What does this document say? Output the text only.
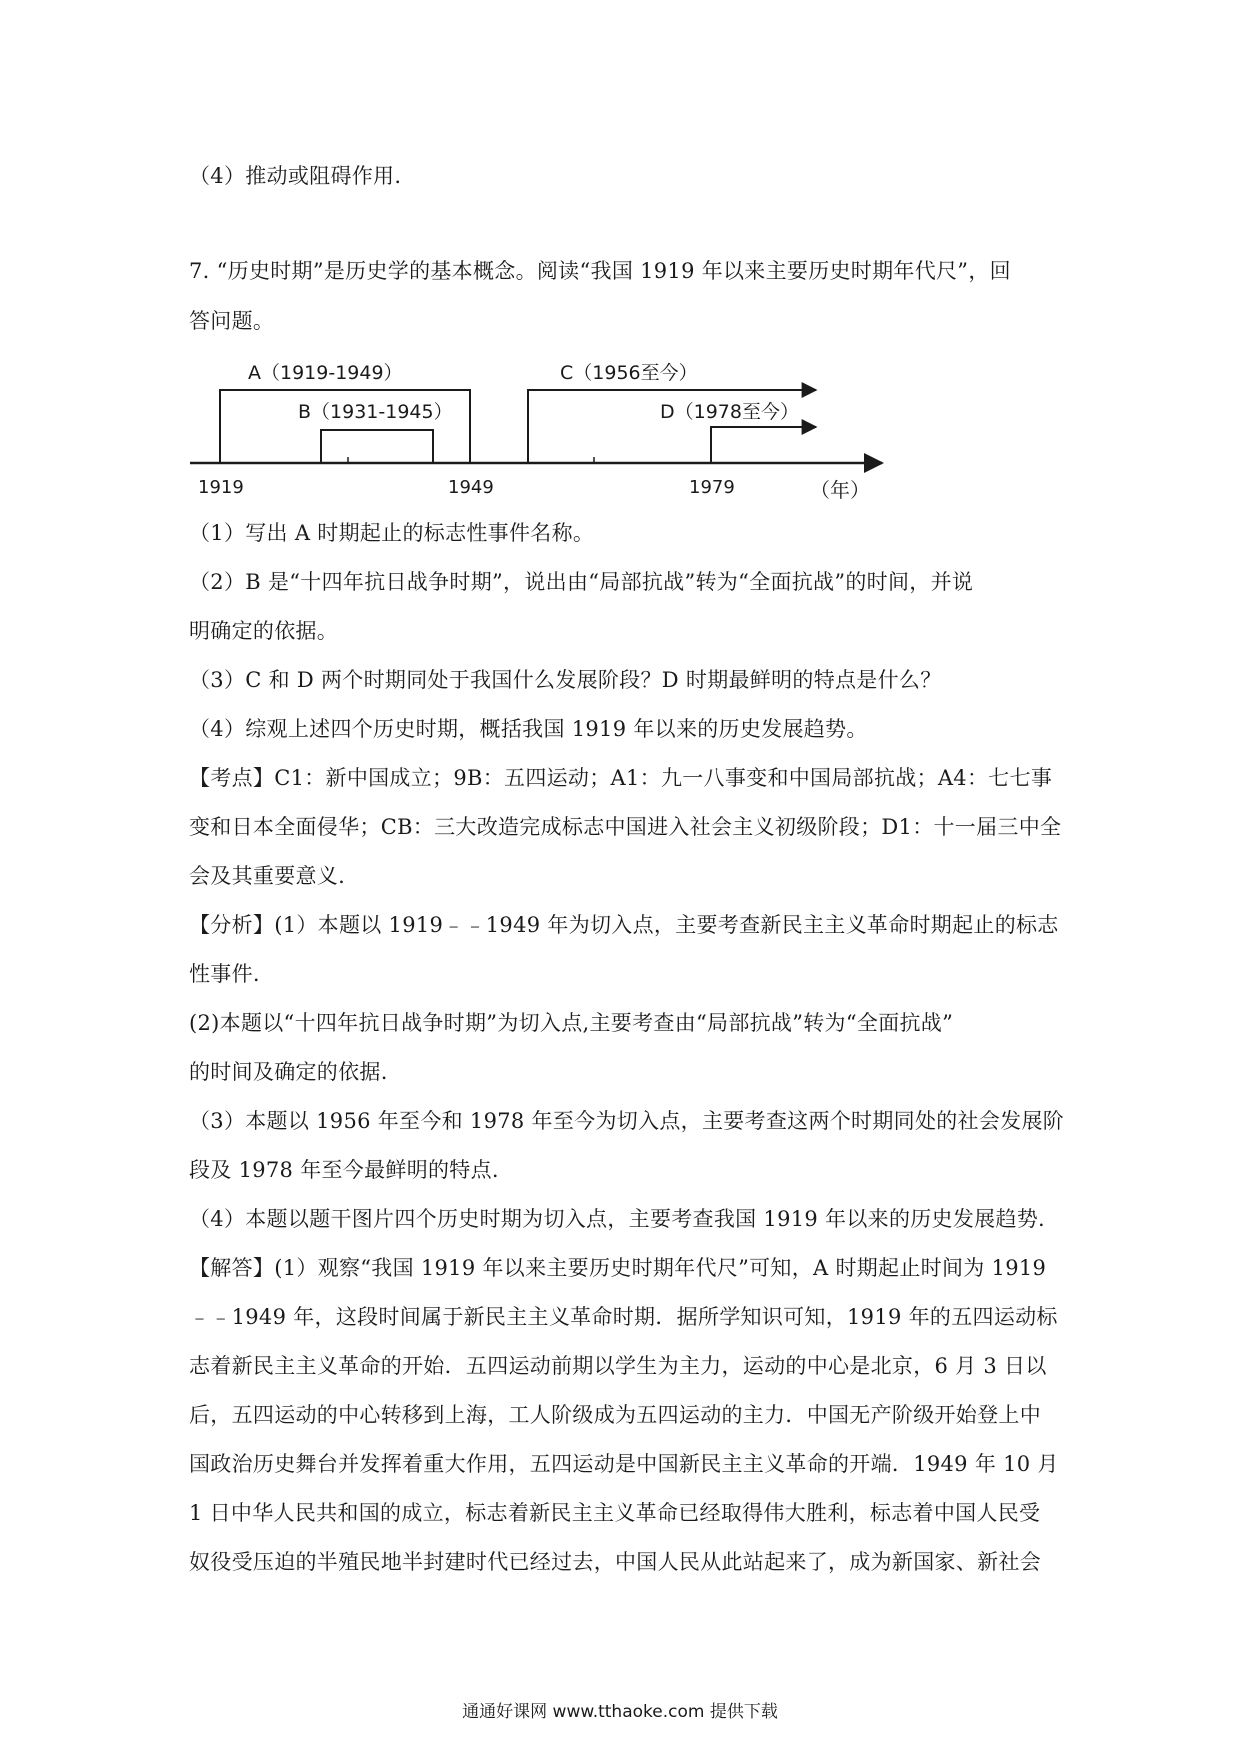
（4）推动或阻碍作用.
7. “历史时期”是历史学的基本概念。阅读“我国 1919 年以来主要历史时期年代尺”，回
答问题。
A（1919-1949）
B（1931-1945）
C（1956至今）
D（1978至今）
1919	1949	1979	（年）
（1）写出 A 时期起止的标志性事件名称。
（2）B 是“十四年抗日战争时期”，说出由“局部抗战”转为“全面抗战”的时间，并说
明确定的依据。
（3）C 和 D 两个时期同处于我国什么发展阶段？D 时期最鲜明的特点是什么？
（4）综观上述四个历史时期，概括我国 1919 年以来的历史发展趋势。
【考点】C1：新中国成立；9B：五四运动；A1：九一八事变和中国局部抗战；A4：七七事
变和日本全面侵华；CB：三大改造完成标志中国进入社会主义初级阶段；D1：十一届三中全
会及其重要意义.
【分析】(1）本题以 1919﹣﹣1949 年为切入点，主要考查新民主主义革命时期起止的标志
性事件.
(2)本题以“十四年抗日战争时期”为切入点,主要考查由“局部抗战”转为“全面抗战”
的时间及确定的依据.
（3）本题以 1956 年至今和 1978 年至今为切入点，主要考查这两个时期同处的社会发展阶
段及 1978 年至今最鲜明的特点.
（4）本题以题干图片四个历史时期为切入点，主要考查我国 1919 年以来的历史发展趋势.
【解答】(1）观察“我国 1919 年以来主要历史时期年代尺”可知，A 时期起止时间为 1919
﹣﹣1949 年，这段时间属于新民主主义革命时期．据所学知识可知，1919 年的五四运动标
志着新民主主义革命的开始．五四运动前期以学生为主力，运动的中心是北京，6 月 3 日以
后，五四运动的中心转移到上海，工人阶级成为五四运动的主力．中国无产阶级开始登上中
国政治历史舞台并发挥着重大作用，五四运动是中国新民主主义革命的开端．1949 年 10 月
1 日中华人民共和国的成立，标志着新民主主义革命已经取得伟大胜利，标志着中国人民受
奴役受压迫的半殖民地半封建时代已经过去，中国人民从此站起来了，成为新国家、新社会
通通好课网 www.tthaoke.com 提供下载
